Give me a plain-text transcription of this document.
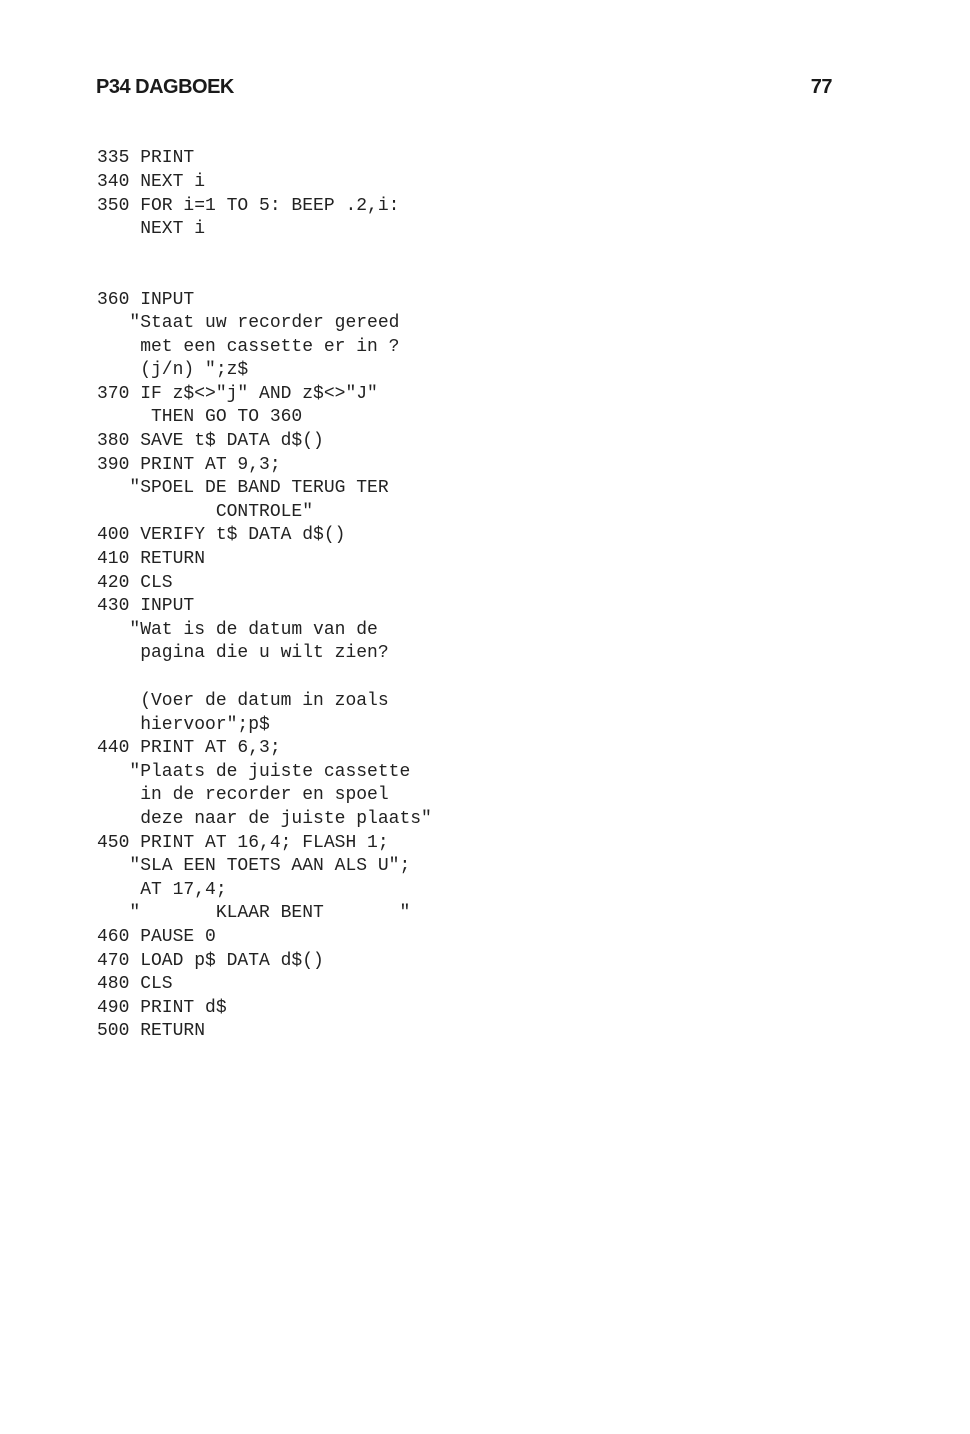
P34 DAGBOEK	77
335 PRINT
340 NEXT i
350 FOR i=1 TO 5: BEEP .2,i:
NEXT i
360 INPUT
"Staat uw recorder gereed
met een cassette er in ?
(j/n) ";z$
370 IF z$<>"j" AND z$<>"J"
THEN GO TO 360
380 SAVE t$ DATA d$()
390 PRINT AT 9,3;
"SPOEL DE BAND TERUG TER
CONTROLE"
400 VERIFY t$ DATA d$()
410 RETURN
420 CLS
430 INPUT
"Wat is de datum van de
pagina die u wilt zien?
(Voer de datum in zoals
hiervoor";p$
440 PRINT AT 6,3;
"Plaats de juiste cassette
in de recorder en spoel
deze naar de juiste plaats"
450 PRINT AT 16,4; FLASH 1;
"SLA EEN TOETS AAN ALS U";
AT 17,4;
"       KLAAR BENT       "
460 PAUSE 0
470 LOAD p$ DATA d$()
480 CLS
490 PRINT d$
500 RETURN
